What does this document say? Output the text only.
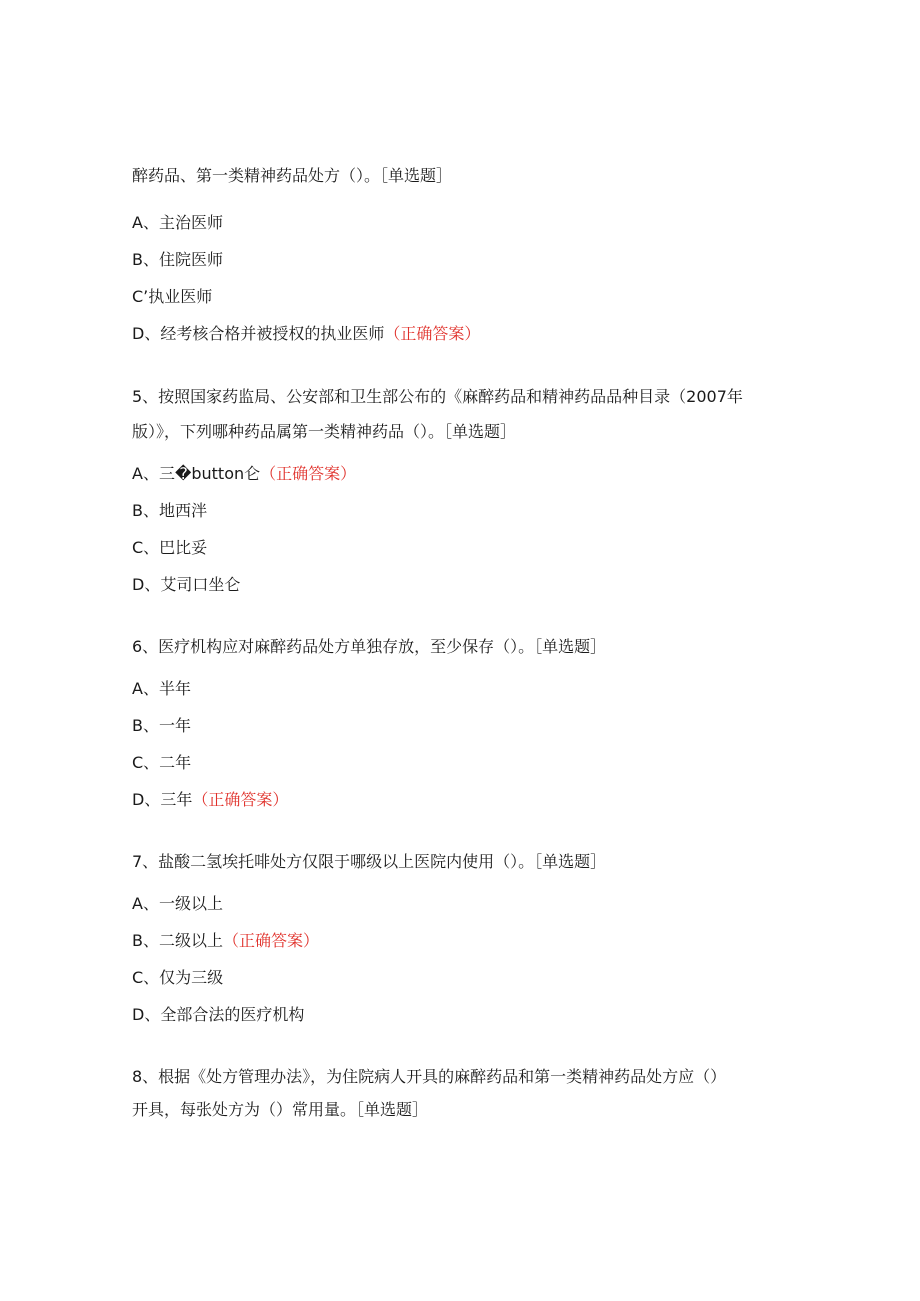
醉药品、第一类精神药品处方（）。［单选题］
A、主治医师
B、住院医师
C’执业医师
D、经考核合格并被授权的执业医师（正确答案）
5、按照国家药监局、公安部和卫生部公布的《麻醉药品和精神药品品种目录（2007年
版）》，下列哪种药品属第一类精神药品（）。［单选题］
A、三�button仑（正确答案）
B、地西泮
C、巴比妥
D、艾司口坐仑
6、医疗机构应对麻醉药品处方单独存放，至少保存（）。［单选题］
A、半年
B、一年
C、二年
D、三年（正确答案）
7、盐酸二氢埃托啡处方仅限于哪级以上医院内使用（）。［单选题］
A、一级以上
B、二级以上（正确答案）
C、仅为三级
D、全部合法的医疗机构
8、根据《处方管理办法》，为住院病人开具的麻醉药品和第一类精神药品处方应（）
开具，每张处方为（）常用量。［单选题］
